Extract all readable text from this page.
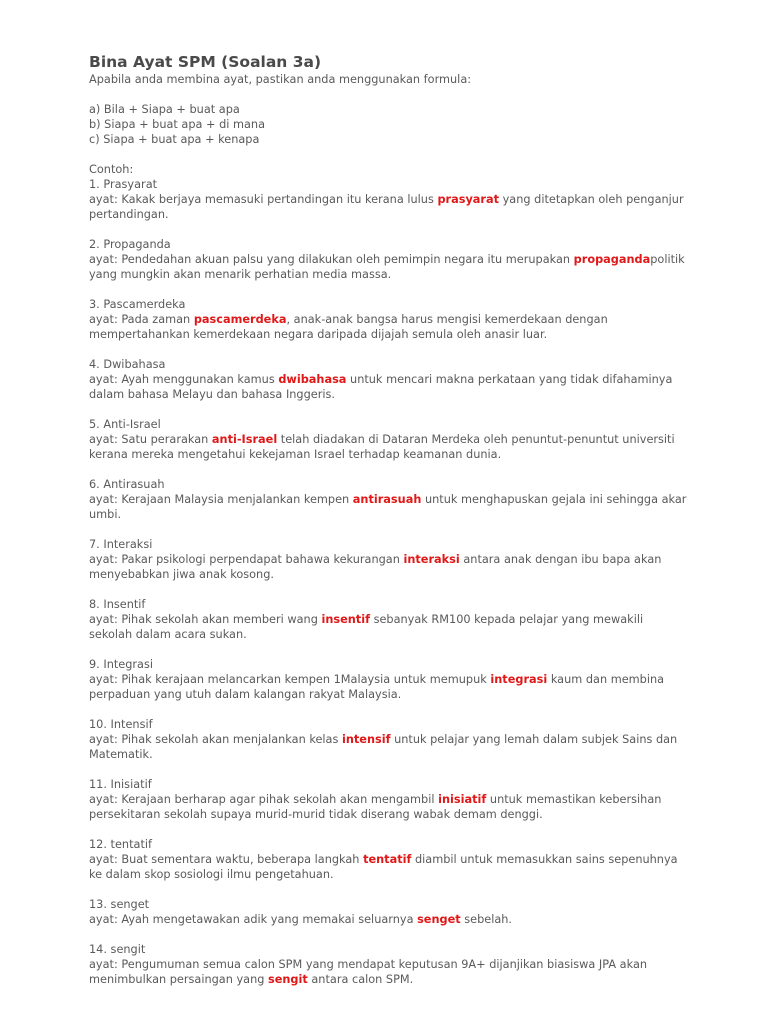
Bina Ayat SPM (Soalan 3a)
Apabila anda membina ayat, pastikan anda menggunakan formula:
a) Bila + Siapa + buat apa
b) Siapa + buat apa + di mana
c) Siapa + buat apa + kenapa
Contoh:
1. Prasyarat
ayat: Kakak berjaya memasuki pertandingan itu kerana lulus prasyarat yang ditetapkan oleh penganjur pertandingan.
2. Propaganda
ayat: Pendedahan akuan palsu yang dilakukan oleh pemimpin negara itu merupakan propagandapolitik yang mungkin akan menarik perhatian media massa.
3. Pascamerdeka
ayat: Pada zaman pascamerdeka, anak-anak bangsa harus mengisi kemerdekaan dengan mempertahankan kemerdekaan negara daripada dijajah semula oleh anasir luar.
4. Dwibahasa
ayat: Ayah menggunakan kamus dwibahasa untuk mencari makna perkataan yang tidak difahaminya dalam bahasa Melayu dan bahasa Inggeris.
5. Anti-Israel
ayat: Satu perarakan anti-Israel telah diadakan di Dataran Merdeka oleh penuntut-penuntut universiti kerana mereka mengetahui kekejaman Israel terhadap keamanan dunia.
6. Antirasuah
ayat: Kerajaan Malaysia menjalankan kempen antirasuah untuk menghapuskan gejala ini sehingga akar umbi.
7. Interaksi
ayat: Pakar psikologi perpendapat bahawa kekurangan interaksi antara anak dengan ibu bapa akan menyebabkan jiwa anak kosong.
8. Insentif
ayat: Pihak sekolah akan memberi wang insentif sebanyak RM100 kepada pelajar yang mewakili sekolah dalam acara sukan.
9. Integrasi
ayat: Pihak kerajaan melancarkan kempen 1Malaysia untuk memupuk integrasi kaum dan membina perpaduan yang utuh dalam kalangan rakyat Malaysia.
10. Intensif
ayat: Pihak sekolah akan menjalankan kelas intensif untuk pelajar yang lemah dalam subjek Sains dan Matematik.
11. Inisiatif
ayat: Kerajaan berharap agar pihak sekolah akan mengambil inisiatif untuk memastikan kebersihan persekitaran sekolah supaya murid-murid tidak diserang wabak demam denggi.
12. tentatif
ayat: Buat sementara waktu, beberapa langkah tentatif diambil untuk memasukkan sains sepenuhnya ke dalam skop sosiologi ilmu pengetahuan.
13. senget
ayat: Ayah mengetawakan adik yang memakai seluarnya senget sebelah.
14. sengit
ayat: Pengumuman semua calon SPM yang mendapat keputusan 9A+ dijanjikan biasiswa JPA akan menimbulkan persaingan yang sengit antara calon SPM.
